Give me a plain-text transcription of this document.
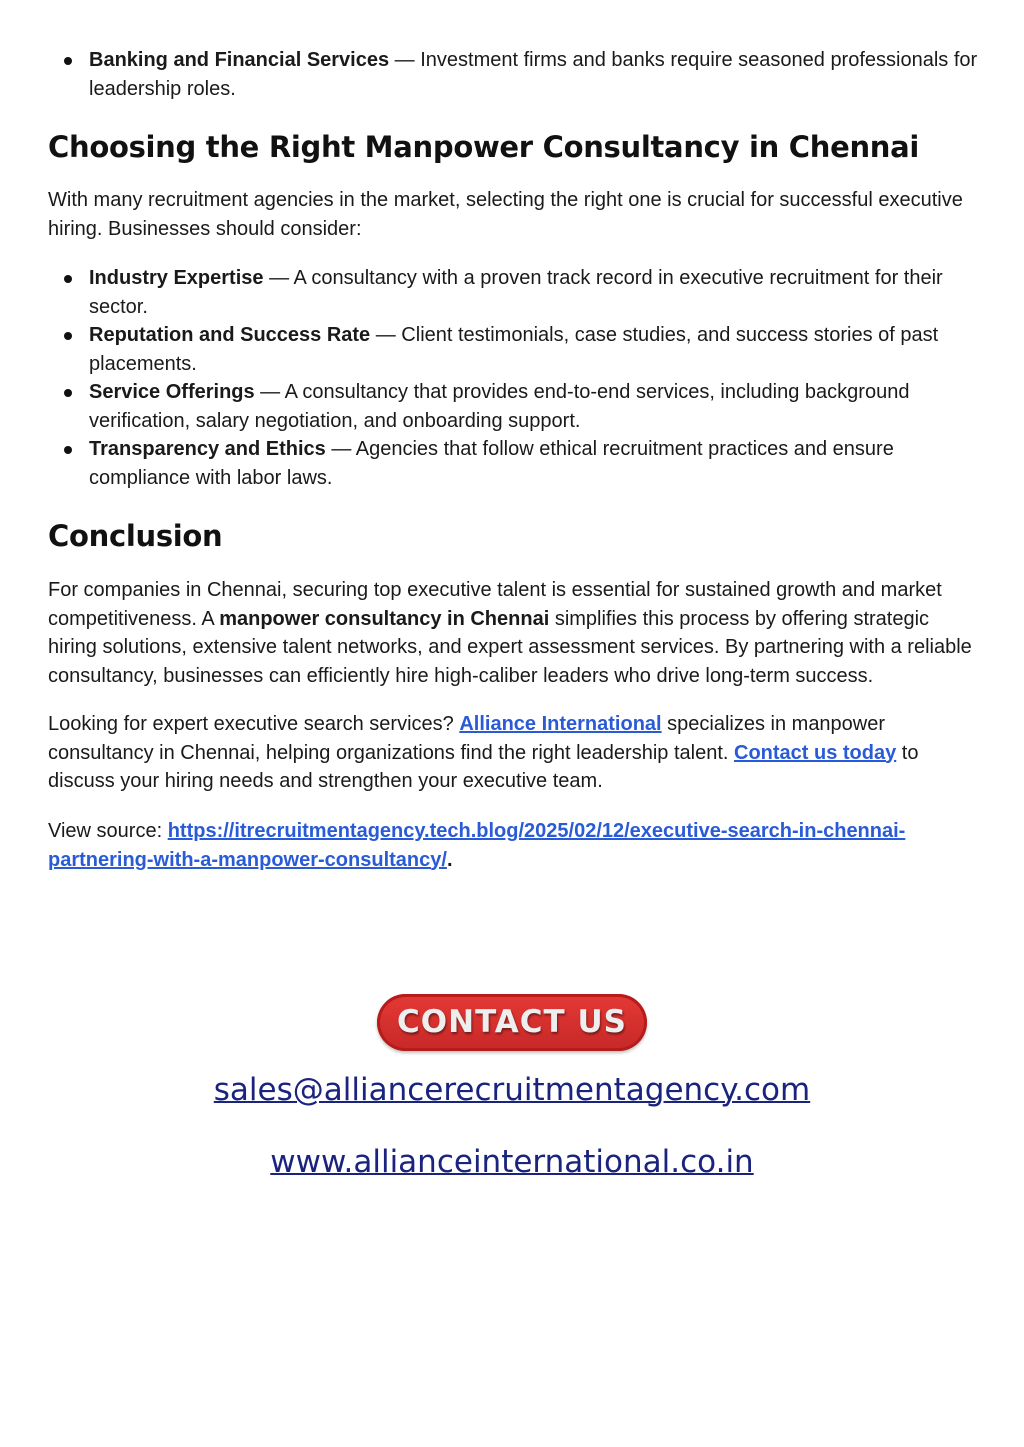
Banking and Financial Services — Investment firms and banks require seasoned professionals for leadership roles.
Choosing the Right Manpower Consultancy in Chennai

With many recruitment agencies in the market, selecting the right one is crucial for successful executive hiring. Businesses should consider:

Industry Expertise — A consultancy with a proven track record in executive recruitment for their sector.
Reputation and Success Rate — Client testimonials, case studies, and success stories of past placements.
Service Offerings — A consultancy that provides end-to-end services, including background verification, salary negotiation, and onboarding support.
Transparency and Ethics — Agencies that follow ethical recruitment practices and ensure compliance with labor laws.
Conclusion

For companies in Chennai, securing top executive talent is essential for sustained growth and market competitiveness. A manpower consultancy in Chennai simplifies this process by offering strategic hiring solutions, extensive talent networks, and expert assessment services. By partnering with a reliable consultancy, businesses can efficiently hire high-caliber leaders who drive long-term success.

Looking for expert executive search services? Alliance International specializes in manpower consultancy in Chennai, helping organizations find the right leadership talent. Contact us today to discuss your hiring needs and strengthen your executive team.

View source: https://itrecruitmentagency.tech.blog/2025/02/12/executive-search-in-chennai-partnering-with-a-manpower-consultancy/.

CONTACT US
sales@alliancerecruitmentagency.com
www.allianceinternational.co.in
